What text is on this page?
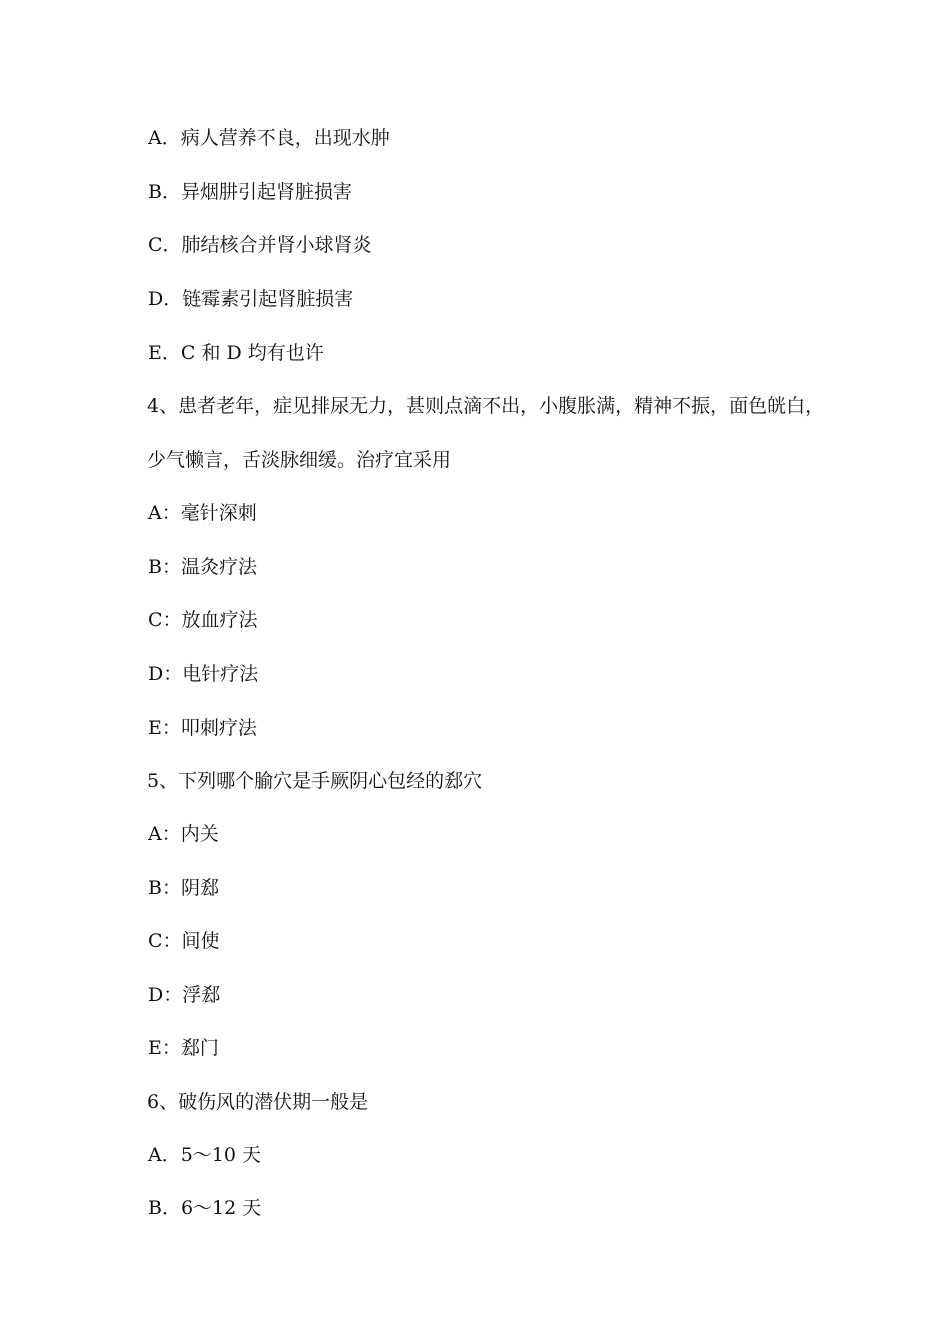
A．病人营养不良，出现水肿
B．异烟肼引起肾脏损害
C．肺结核合并肾小球肾炎
D．链霉素引起肾脏损害
E．C 和 D 均有也许
4、患者老年，症见排尿无力，甚则点滴不出，小腹胀满，精神不振，面色㿠白，
少气懒言，舌淡脉细缓。治疗宜采用
A：毫针深刺
B：温灸疗法
C：放血疗法
D：电针疗法
E：叩刺疗法
5、下列哪个腧穴是手厥阴心包经的郄穴
A：内关
B：阴郄
C：间使
D：浮郄
E：郄门
6、破伤风的潜伏期一般是
A．5～10 天
B．6～12 天
